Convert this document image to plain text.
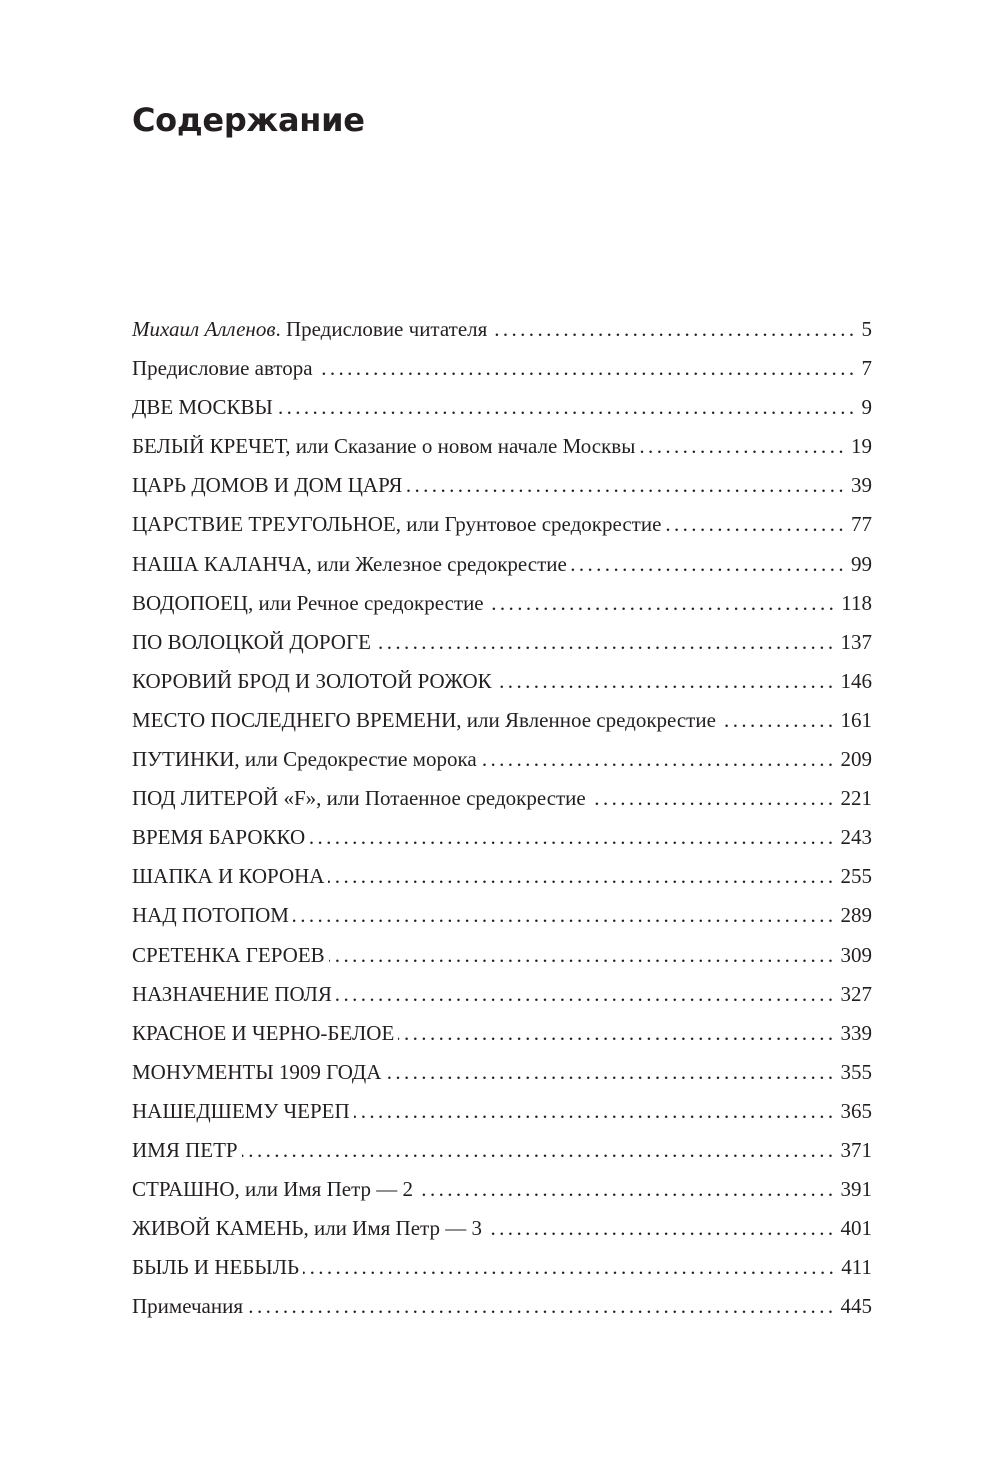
Содержание
Михаил Алленов. Предисловие читателя .....	5
Предисловие автора .....	7
ДВЕ МОСКВЫ .....	9
БЕЛЫЙ КРЕЧЕТ, или Сказание о новом начале Москвы .....	19
ЦАРЬ ДОМОВ И ДОМ ЦАРЯ .....	39
ЦАРСТВИЕ ТРЕУГОЛЬНОЕ, или Грунтовое средокрестие .....	77
НАША КАЛАНЧА, или Железное средокрестие .....	99
ВОДОПОЕЦ, или Речное средокрестие .....	118
ПО ВОЛОЦКОЙ ДОРОГЕ .....	137
КОРОВИЙ БРОД И ЗОЛОТОЙ РОЖОК .....	146
МЕСТО ПОСЛЕДНЕГО ВРЕМЕНИ, или Явленное средокрестие .....	161
ПУТИНКИ, или Средокрестие морока .....	209
ПОД ЛИТЕРОЙ «F», или Потаенное средокрестие .....	221
ВРЕМЯ БАРОККО .....	243
ШАПКА И КОРОНА .....	255
НАД ПОТОПОМ .....	289
СРЕТЕНКА ГЕРОЕВ .....	309
НАЗНАЧЕНИЕ ПОЛЯ .....	327
КРАСНОЕ И ЧЕРНО-БЕЛОЕ .....	339
МОНУМЕНТЫ 1909 ГОДА .....	355
НАШЕДШЕМУ ЧЕРЕП .....	365
ИМЯ ПЕТР .....	371
СТРАШНО, или Имя Петр — 2 .....	391
ЖИВОЙ КАМЕНЬ, или Имя Петр — 3 .....	401
БЫЛЬ И НЕБЫЛЬ .....	411
Примечания .....	445
